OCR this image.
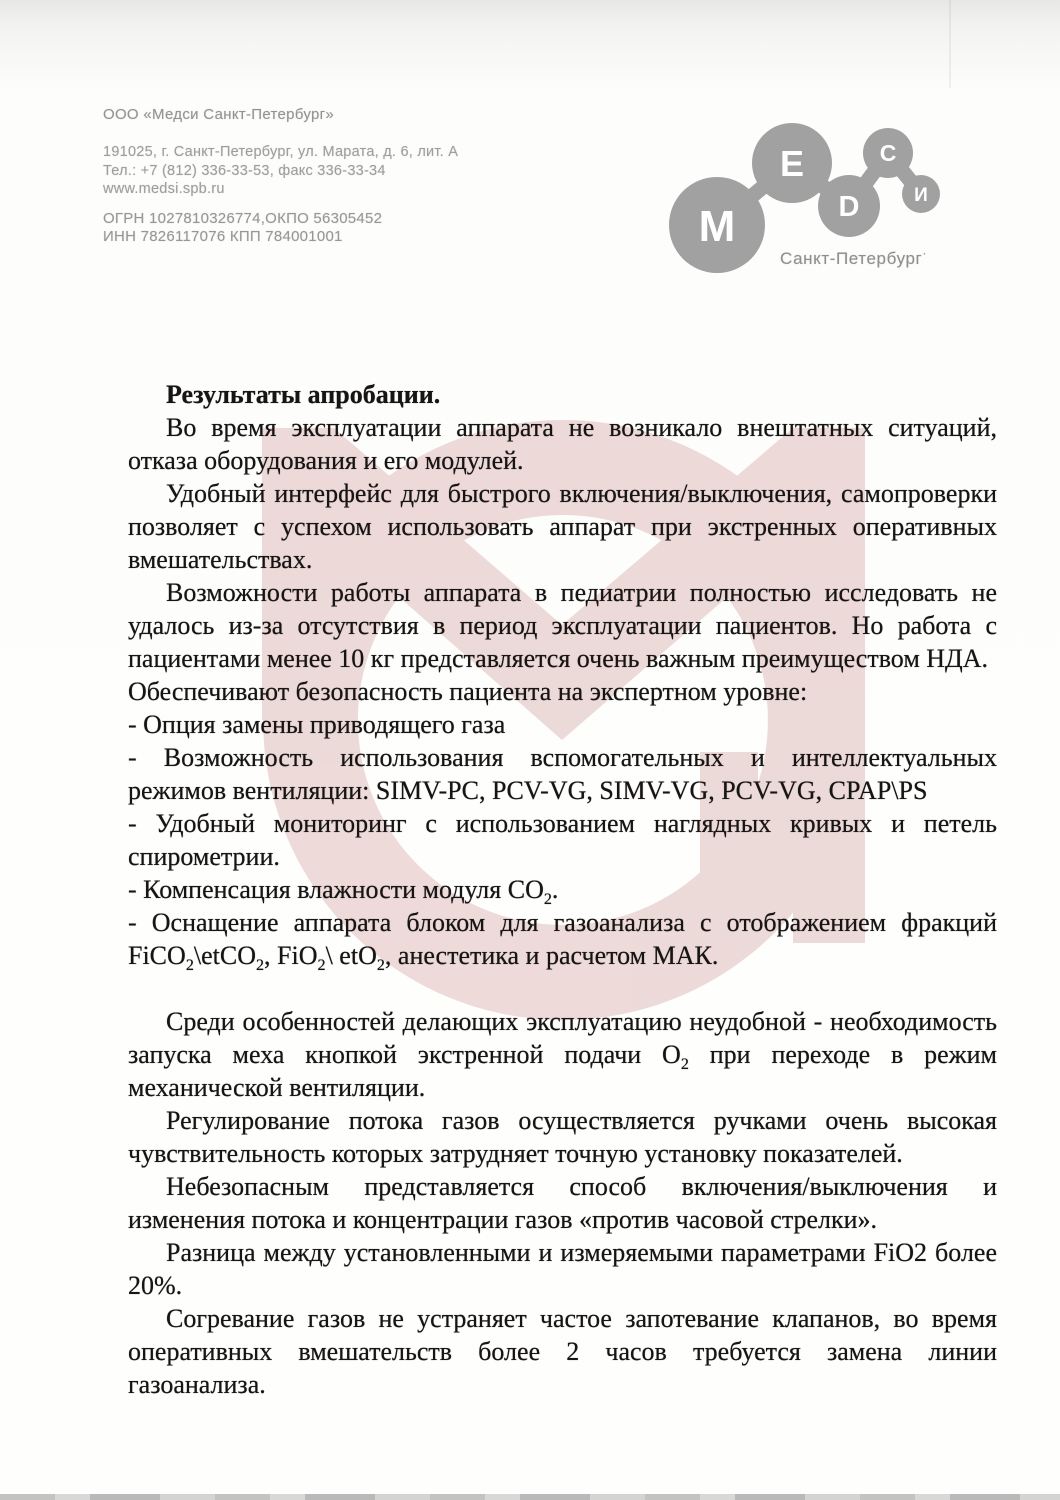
ООО «Медси Санкт-Петербург»
191025, г. Санкт-Петербург, ул. Марата, д. 6, лит. А
Тел.: +7 (812) 336-33-53, факс 336-33-34
www.medsi.spb.ru
ОГРН 1027810326774,ОКПО 56305452
ИНН 7826117076 КПП 784001001	М
Е
D
С
И
Санкт-Петербург·

Результаты апробации.

Во время эксплуатации аппарата не возникало внештатных ситуаций, отказа оборудования и его модулей.

Удобный интерфейс для быстрого включения/выключения, самопроверки позволяет с успехом использовать аппарат при экстренных оперативных вмешательствах.

Возможности работы аппарата в педиатрии полностью исследовать не удалось из-за отсутствия в период эксплуатации пациентов. Но работа с пациентами менее 10 кг представляется очень важным преимуществом НДА.

Обеспечивают безопасность пациента на экспертном уровне:

- Опция замены приводящего газа

- Возможность использования вспомогательных и интеллектуальных режимов вентиляции: SIMV-PC, PCV-VG, SIMV-VG, PCV-VG, CPAP\PS

- Удобный мониторинг с использованием наглядных кривых и петель спирометрии.

- Компенсация влажности модуля $СО_2$.

- Оснащение аппарата блоком для газоанализа с отображением фракций FiCO$_2$\etCO$_2$, FiO$_2$\ etO$_2$, анестетика и расчетом МАК.

Среди особенностей делающих эксплуатацию неудобной - необходимость запуска меха кнопкой экстренной подачи $О_2$ при переходе в режим механической вентиляции.

Регулирование потока газов осуществляется ручками очень высокая чувствительность которых затрудняет точную установку показателей.

Небезопасным представляется способ включения/выключения и изменения потока и концентрации газов «против часовой стрелки».

Разница между установленными и измеряемыми параметрами FiO2 более 20%.

Согревание газов не устраняет частое запотевание клапанов, во время оперативных вмешательств более 2 часов требуется замена линии газоанализа.
